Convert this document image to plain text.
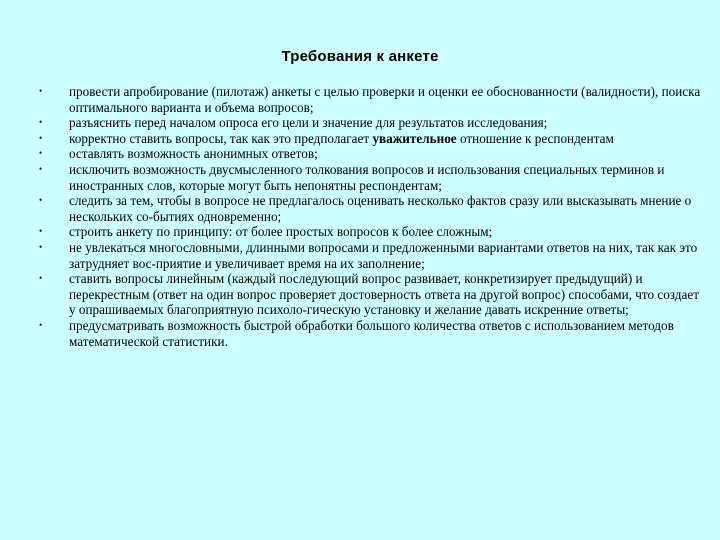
Требования к анкете
• провести апробирование (пилотаж) анкеты с целью проверки и оценки ее обоснованности (валидности), поиска оптимального варианта и объема вопросов;
• разъяснить перед началом опроса его цели и значение для результатов исследования;
• корректно ставить вопросы, так как это предполагает уважительное отношение к респондентам
• оставлять возможность анонимных ответов;
• исключить возможность двусмысленного толкования вопросов и использования специальных терминов и иностранных слов, которые могут быть непонятны респондентам;
• следить за тем, чтобы в вопросе не предлагалось оценивать несколько фактов сразу или высказывать мнение о нескольких со-бытиях одновременно;
• строить анкету по принципу: от более простых вопросов к более сложным;
• не увлекаться многословными, длинными вопросами и предложенными вариантами ответов на них, так как это затрудняет вос-приятие и увеличивает время на их заполнение;
• ставить вопросы линейным (каждый последующий вопрос развивает, конкретизирует предыдущий) и перекрестным (ответ на один вопрос проверяет достоверность ответа на другой вопрос) способами, что создает у опрашиваемых благоприятную психоло-гическую установку и желание давать искренние ответы;
• предусматривать возможность быстрой обработки большого количества ответов с использованием методов математической статистики.
